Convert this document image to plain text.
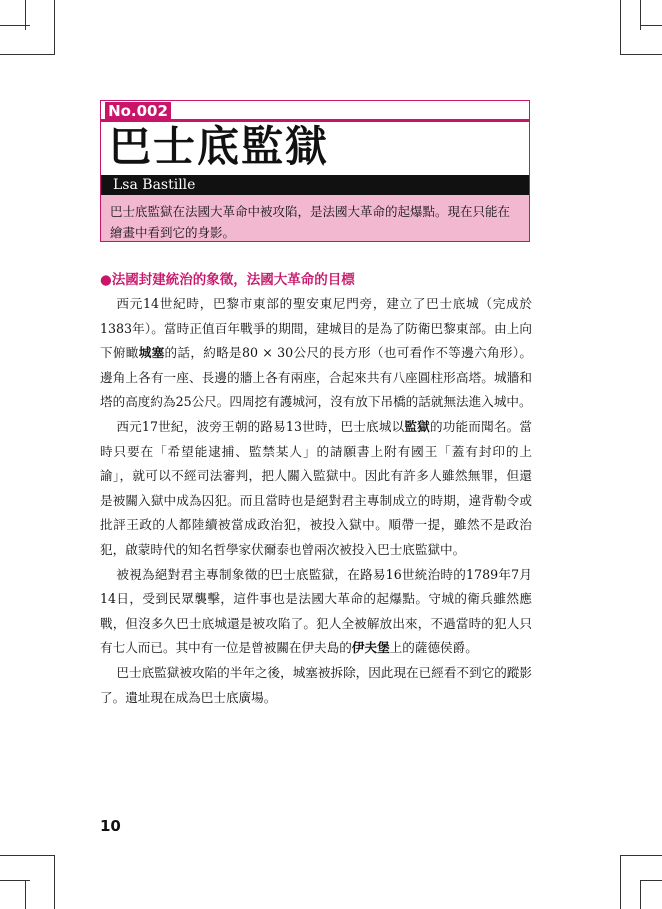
No.002
巴士底監獄
Lsa Bastille
巴士底監獄在法國大革命中被攻陷，是法國大革命的起爆點。現在只能在繪畫中看到它的身影。
●法國封建統治的象徵，法國大革命的目標

西元14世紀時，巴黎市東部的聖安東尼門旁，建立了巴士底城（完成於1383年）。當時正值百年戰爭的期間，建城目的是為了防衛巴黎東部。由上向下俯瞰城塞的話，約略是80 × 30公尺的長方形（也可看作不等邊六角形）。邊角上各有一座、長邊的牆上各有兩座，合起來共有八座圓柱形高塔。城牆和塔的高度約為25公尺。四周挖有護城河，沒有放下吊橋的話就無法進入城中。

西元17世紀，波旁王朝的路易13世時，巴士底城以監獄的功能而聞名。當時只要在「希望能逮捕、監禁某人」的請願書上附有國王「蓋有封印的上諭」，就可以不經司法審判，把人關入監獄中。因此有許多人雖然無罪，但還是被關入獄中成為囚犯。而且當時也是絕對君主專制成立的時期，違背勒令或批評王政的人都陸續被當成政治犯，被投入獄中。順帶一提，雖然不是政治犯，啟蒙時代的知名哲學家伏爾泰也曾兩次被投入巴士底監獄中。

被視為絕對君主專制象徵的巴士底監獄，在路易16世統治時的1789年7月14日，受到民眾襲擊，這件事也是法國大革命的起爆點。守城的衛兵雖然應戰，但沒多久巴士底城還是被攻陷了。犯人全被解放出來，不過當時的犯人只有七人而已。其中有一位是曾被關在伊夫島的伊夫堡上的薩德侯爵。

巴士底監獄被攻陷的半年之後，城塞被拆除，因此現在已經看不到它的蹤影了。遺址現在成為巴士底廣場。

10
